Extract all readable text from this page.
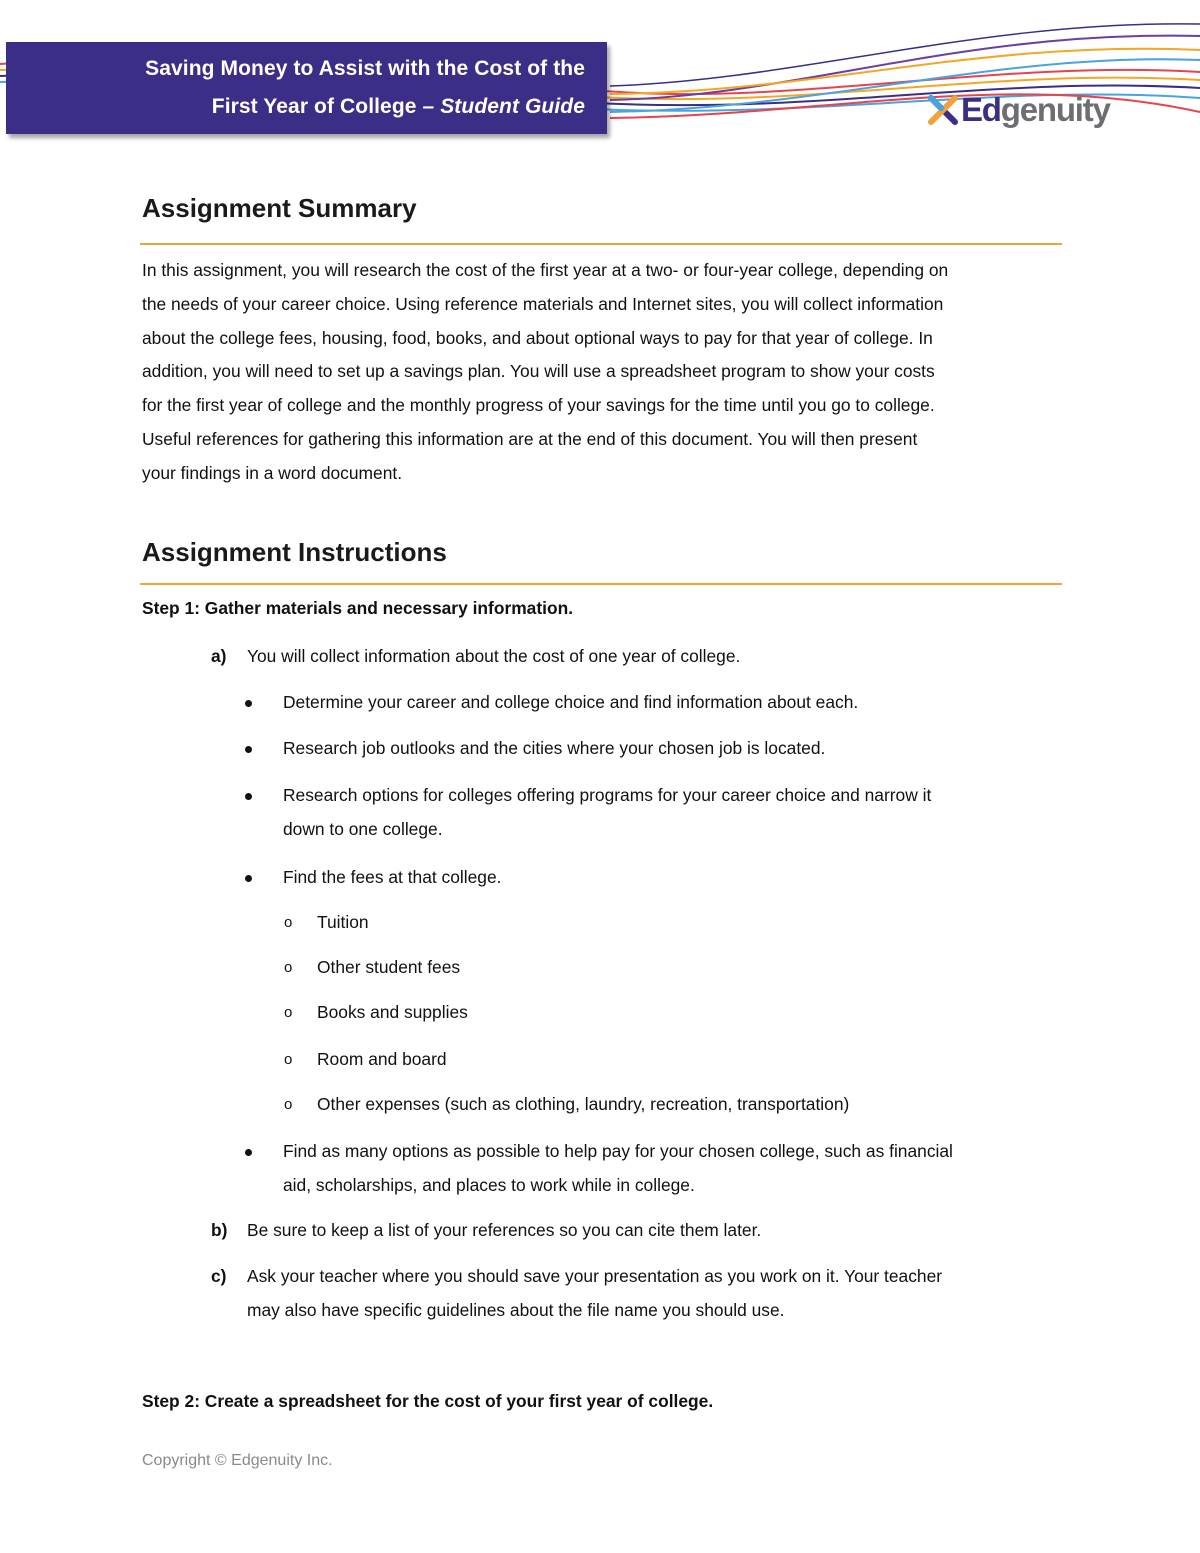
Saving Money to Assist with the Cost of the
First Year of College – Student Guide	Edgenuity
Assignment Summary
In this assignment, you will research the cost of the first year at a two- or four-year college, depending on
the needs of your career choice. Using reference materials and Internet sites, you will collect information
about the college fees, housing, food, books, and about optional ways to pay for that year of college. In
addition, you will need to set up a savings plan. You will use a spreadsheet program to show your costs
for the first year of college and the monthly progress of your savings for the time until you go to college.
Useful references for gathering this information are at the end of this document. You will then present
your findings in a word document.
Assignment Instructions
Step 1: Gather materials and necessary information.
a) You will collect information about the cost of one year of college.
Determine your career and college choice and find information about each.
Research job outlooks and the cities where your chosen job is located.
Research options for colleges offering programs for your career choice and narrow it
down to one college.
Find the fees at that college.
o Tuition
o Other student fees
o Books and supplies
o Room and board
o Other expenses (such as clothing, laundry, recreation, transportation)
Find as many options as possible to help pay for your chosen college, such as financial
aid, scholarships, and places to work while in college.
b) Be sure to keep a list of your references so you can cite them later.
c) Ask your teacher where you should save your presentation as you work on it. Your teacher
may also have specific guidelines about the file name you should use.
Step 2: Create a spreadsheet for the cost of your first year of college.
Copyright © Edgenuity Inc.
